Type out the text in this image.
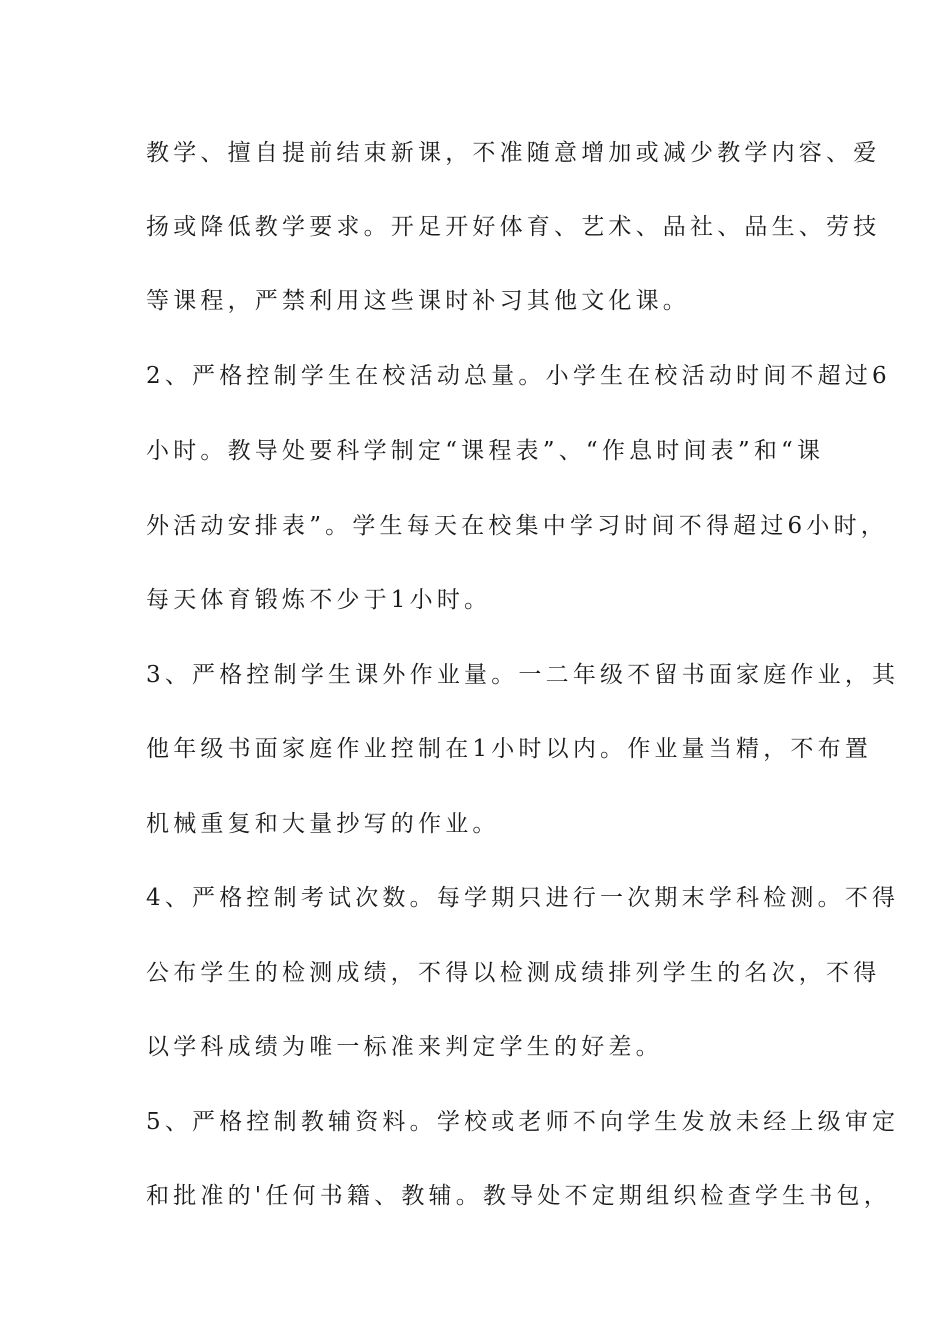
教学、擅自提前结束新课，不准随意增加或减少教学内容、爱
扬或降低教学要求。开足开好体育、艺术、品社、品生、劳技
等课程，严禁利用这些课时补习其他文化课。
2、严格控制学生在校活动总量。小学生在校活动时间不超过6
小时。教导处要科学制定“课程表”、“作息时间表”和“课
外活动安排表”。学生每天在校集中学习时间不得超过6小时，
每天体育锻炼不少于1小时。
3、严格控制学生课外作业量。一二年级不留书面家庭作业，其
他年级书面家庭作业控制在1小时以内。作业量当精，不布置
机械重复和大量抄写的作业。
4、严格控制考试次数。每学期只进行一次期末学科检测。不得
公布学生的检测成绩，不得以检测成绩排列学生的名次，不得
以学科成绩为唯一标准来判定学生的好差。
5、严格控制教辅资料。学校或老师不向学生发放未经上级审定
和批准的'任何书籍、教辅。教导处不定期组织检查学生书包，
